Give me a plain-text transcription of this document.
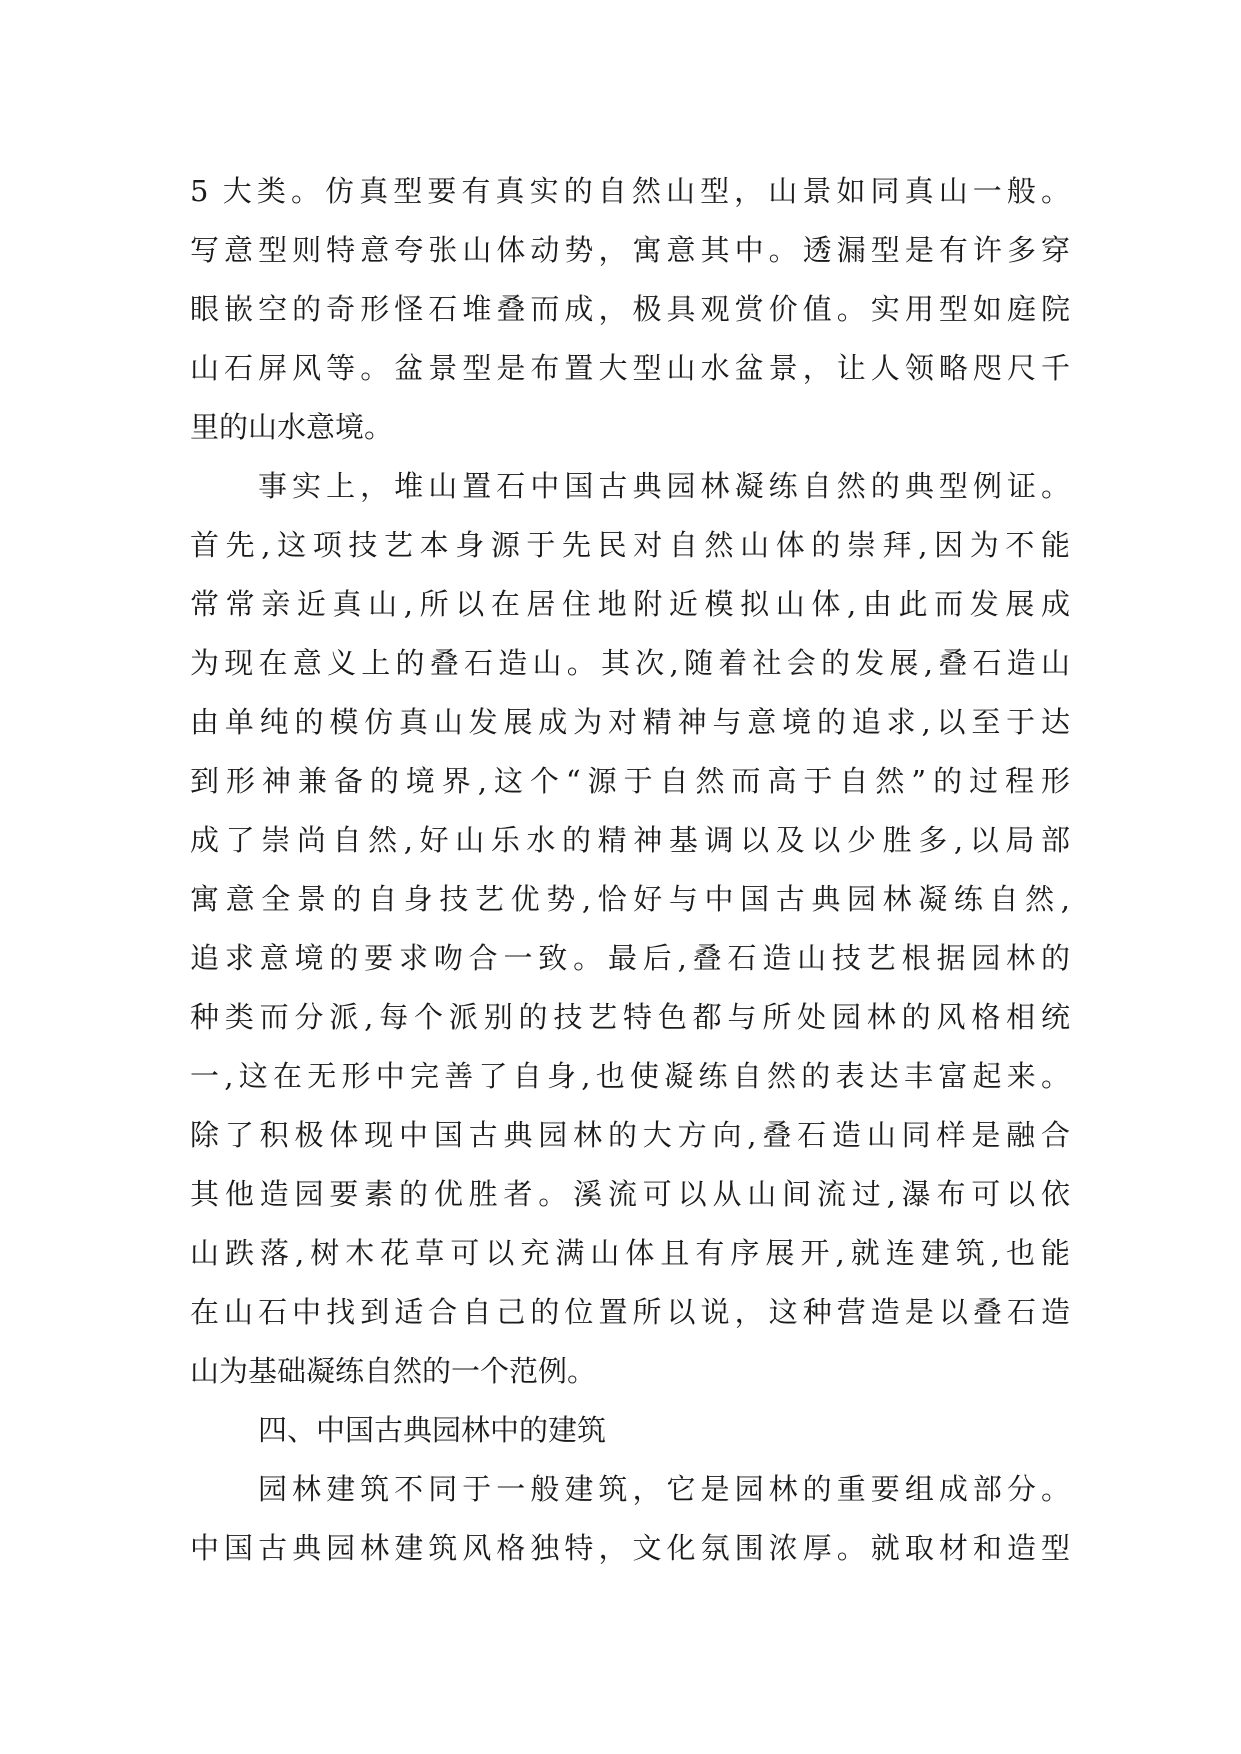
5 大类。仿真型要有真实的自然山型，山景如同真山一般。
写意型则特意夸张山体动势，寓意其中。透漏型是有许多穿
眼嵌空的奇形怪石堆叠而成，极具观赏价值。实用型如庭院
山石屏风等。盆景型是布置大型山水盆景，让人领略咫尺千
里的山水意境。
事实上，堆山置石中国古典园林凝练自然的典型例证。
首先,这项技艺本身源于先民对自然山体的崇拜,因为不能
常常亲近真山,所以在居住地附近模拟山体,由此而发展成
为现在意义上的叠石造山。其次,随着社会的发展,叠石造山
由单纯的模仿真山发展成为对精神与意境的追求,以至于达
到形神兼备的境界,这个“源于自然而高于自然”的过程形
成了崇尚自然,好山乐水的精神基调以及以少胜多,以局部
寓意全景的自身技艺优势,恰好与中国古典园林凝练自然,
追求意境的要求吻合一致。最后,叠石造山技艺根据园林的
种类而分派,每个派别的技艺特色都与所处园林的风格相统
一,这在无形中完善了自身,也使凝练自然的表达丰富起来。
除了积极体现中国古典园林的大方向,叠石造山同样是融合
其他造园要素的优胜者。溪流可以从山间流过,瀑布可以依
山跌落,树木花草可以充满山体且有序展开,就连建筑,也能
在山石中找到适合自己的位置所以说，这种营造是以叠石造
山为基础凝练自然的一个范例。
四、中国古典园林中的建筑
园林建筑不同于一般建筑，它是园林的重要组成部分。
中国古典园林建筑风格独特，文化氛围浓厚。就取材和造型
